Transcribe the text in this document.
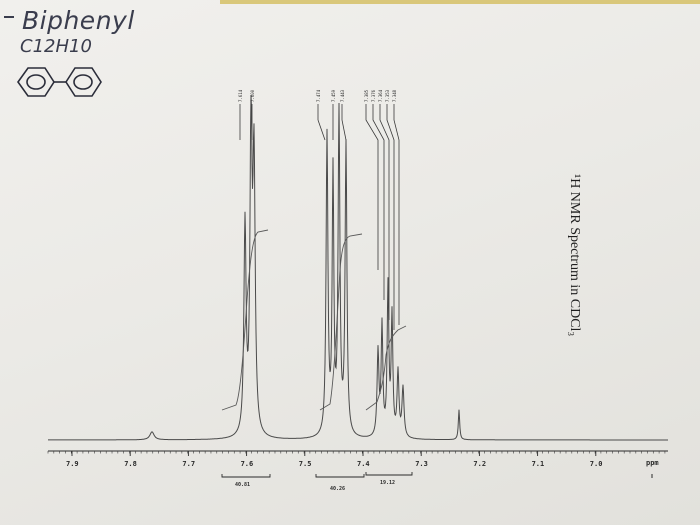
Biphenyl
C12H10
¹H NMR Spectrum in CDCl₃
7.9	7.8	7.7	7.6	7.5	7.4	7.3	7.2	7.1	7.0	ppm
7.614 7.600	7.474	7.459 7.443	7.385 7.376 7.364 7.353 7.348
40.81
40.26
19.12
